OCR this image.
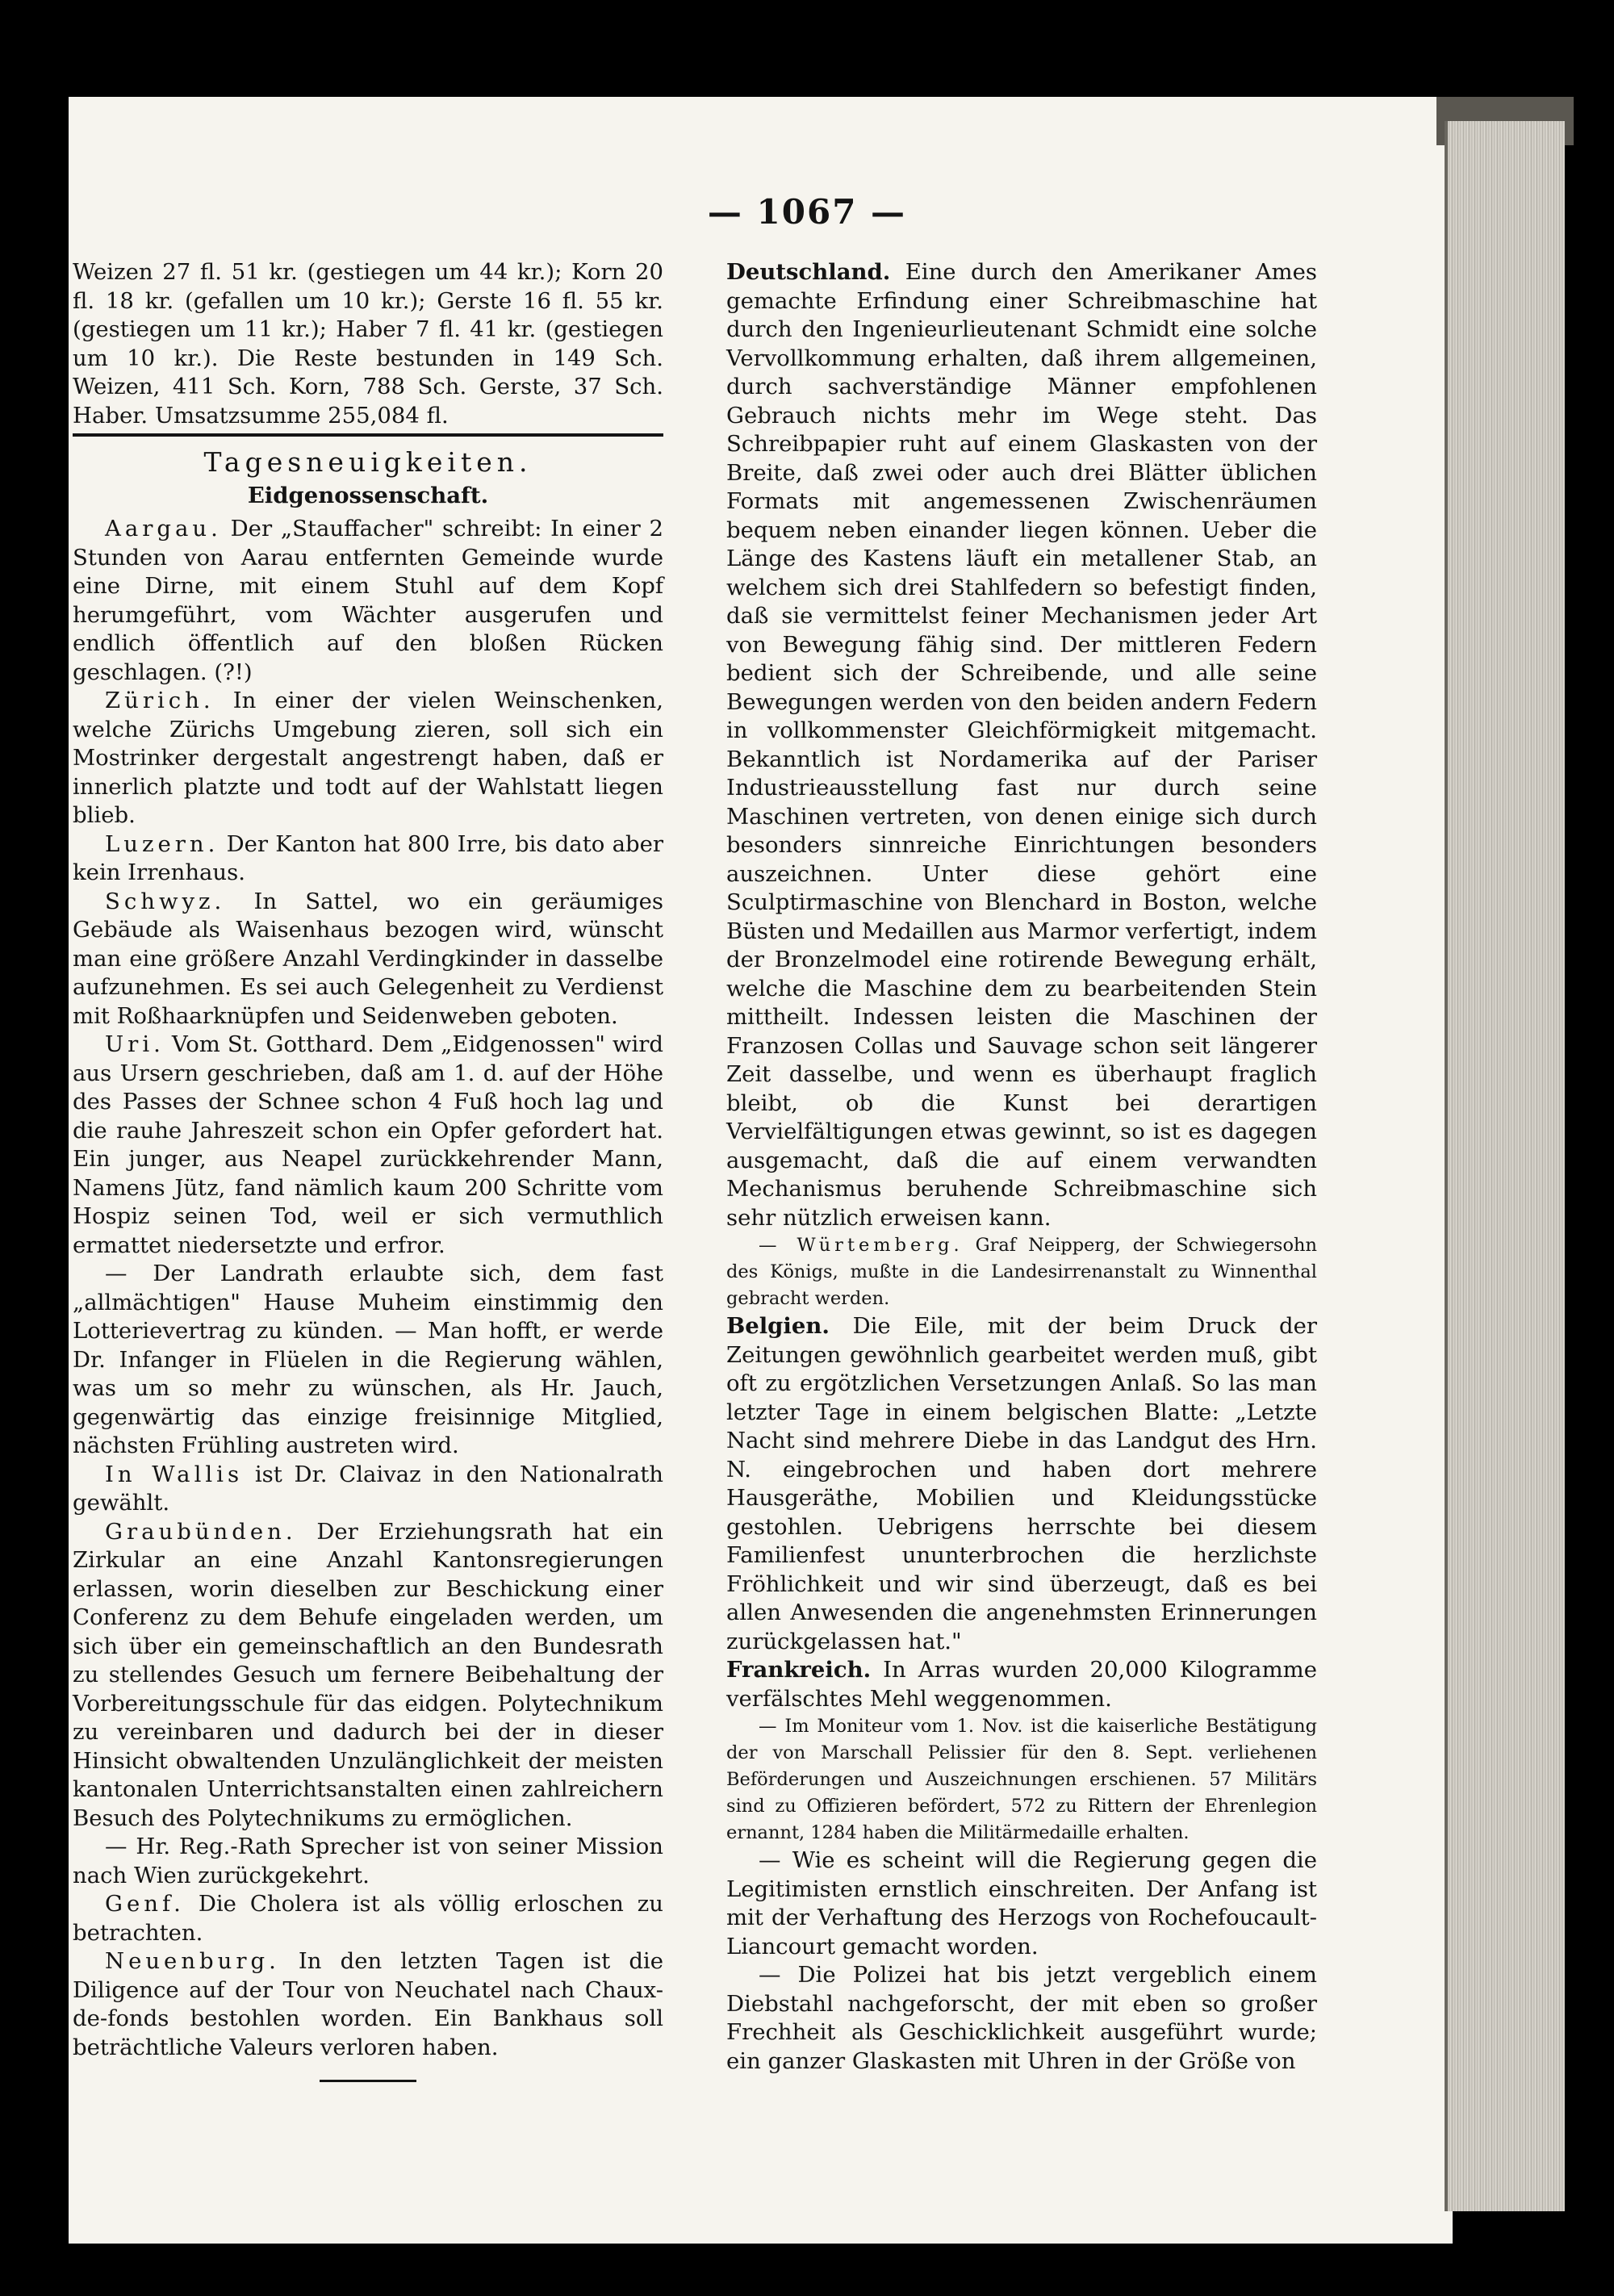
— 1067 —

Weizen 27 fl. 51 kr. (gestiegen um 44 kr.); Korn 20 fl. 18 kr. (gefallen um 10 kr.); Gerste 16 fl. 55 kr. (gestiegen um 11 kr.); Haber 7 fl. 41 kr. (gestiegen um 10 kr.). Die Reste bestunden in 149 Sch. Weizen, 411 Sch. Korn, 788 Sch. Gerste, 37 Sch. Haber. Umsatzsumme 255,084 fl.

Tagesneuigkeiten.
Eidgenossenschaft.

Aargau. Der „Stauffacher" schreibt: In einer 2 Stunden von Aarau entfernten Gemeinde wurde eine Dirne, mit einem Stuhl auf dem Kopf herumgeführt, vom Wächter ausgerufen und endlich öffentlich auf den bloßen Rücken geschlagen. (?!)

Zürich. In einer der vielen Weinschenken, welche Zürichs Umgebung zieren, soll sich ein Mostrinker dergestalt angestrengt haben, daß er innerlich platzte und todt auf der Wahlstatt liegen blieb.

Luzern. Der Kanton hat 800 Irre, bis dato aber kein Irrenhaus.

Schwyz. In Sattel, wo ein geräumiges Gebäude als Waisenhaus bezogen wird, wünscht man eine größere Anzahl Verdingkinder in dasselbe aufzunehmen. Es sei auch Gelegenheit zu Verdienst mit Roßhaarknüpfen und Seidenweben geboten.

Uri. Vom St. Gotthard. Dem „Eidgenossen" wird aus Ursern geschrieben, daß am 1. d. auf der Höhe des Passes der Schnee schon 4 Fuß hoch lag und die rauhe Jahreszeit schon ein Opfer gefordert hat. Ein junger, aus Neapel zurückkehrender Mann, Namens Jütz, fand nämlich kaum 200 Schritte vom Hospiz seinen Tod, weil er sich vermuthlich ermattet niedersetzte und erfror.

— Der Landrath erlaubte sich, dem fast „allmächtigen" Hause Muheim einstimmig den Lotterievertrag zu künden. — Man hofft, er werde Dr. Infanger in Flüelen in die Regierung wählen, was um so mehr zu wünschen, als Hr. Jauch, gegenwärtig das einzige freisinnige Mitglied, nächsten Frühling austreten wird.

In Wallis ist Dr. Claivaz in den Nationalrath gewählt.

Graubünden. Der Erziehungsrath hat ein Zirkular an eine Anzahl Kantonsregierungen erlassen, worin dieselben zur Beschickung einer Conferenz zu dem Behufe eingeladen werden, um sich über ein gemeinschaftlich an den Bundesrath zu stellendes Gesuch um fernere Beibehaltung der Vorbereitungsschule für das eidgen. Polytechnikum zu vereinbaren und dadurch bei der in dieser Hinsicht obwaltenden Unzulänglichkeit der meisten kantonalen Unterrichtsanstalten einen zahlreichern Besuch des Polytechnikums zu ermöglichen.

— Hr. Reg.-Rath Sprecher ist von seiner Mission nach Wien zurückgekehrt.

Genf. Die Cholera ist als völlig erloschen zu betrachten.

Neuenburg. In den letzten Tagen ist die Diligence auf der Tour von Neuchatel nach Chaux-de-fonds bestohlen worden. Ein Bankhaus soll beträchtliche Valeurs verloren haben.

Deutschland. Eine durch den Amerikaner Ames gemachte Erfindung einer Schreibmaschine hat durch den Ingenieurlieutenant Schmidt eine solche Vervollkommung erhalten, daß ihrem allgemeinen, durch sachverständige Männer empfohlenen Gebrauch nichts mehr im Wege steht. Das Schreibpapier ruht auf einem Glaskasten von der Breite, daß zwei oder auch drei Blätter üblichen Formats mit angemessenen Zwischenräumen bequem neben einander liegen können. Ueber die Länge des Kastens läuft ein metallener Stab, an welchem sich drei Stahlfedern so befestigt finden, daß sie vermittelst feiner Mechanismen jeder Art von Bewegung fähig sind. Der mittleren Federn bedient sich der Schreibende, und alle seine Bewegungen werden von den beiden andern Federn in vollkommenster Gleichförmigkeit mitgemacht. Bekanntlich ist Nordamerika auf der Pariser Industrieausstellung fast nur durch seine Maschinen vertreten, von denen einige sich durch besonders sinnreiche Einrichtungen besonders auszeichnen. Unter diese gehört eine Sculptirmaschine von Blenchard in Boston, welche Büsten und Medaillen aus Marmor verfertigt, indem der Bronzelmodel eine rotirende Bewegung erhält, welche die Maschine dem zu bearbeitenden Stein mittheilt. Indessen leisten die Maschinen der Franzosen Collas und Sauvage schon seit längerer Zeit dasselbe, und wenn es überhaupt fraglich bleibt, ob die Kunst bei derartigen Vervielfältigungen etwas gewinnt, so ist es dagegen ausgemacht, daß die auf einem verwandten Mechanismus beruhende Schreibmaschine sich sehr nützlich erweisen kann.

— Würtemberg. Graf Neipperg, der Schwiegersohn des Königs, mußte in die Landesirrenanstalt zu Winnenthal gebracht werden.

Belgien. Die Eile, mit der beim Druck der Zeitungen gewöhnlich gearbeitet werden muß, gibt oft zu ergötzlichen Versetzungen Anlaß. So las man letzter Tage in einem belgischen Blatte: „Letzte Nacht sind mehrere Diebe in das Landgut des Hrn. N. eingebrochen und haben dort mehrere Hausgeräthe, Mobilien und Kleidungsstücke gestohlen. Uebrigens herrschte bei diesem Familienfest ununterbrochen die herzlichste Fröhlichkeit und wir sind überzeugt, daß es bei allen Anwesenden die angenehmsten Erinnerungen zurückgelassen hat."

Frankreich. In Arras wurden 20,000 Kilogramme verfälschtes Mehl weggenommen.

— Im Moniteur vom 1. Nov. ist die kaiserliche Bestätigung der von Marschall Pelissier für den 8. Sept. verliehenen Beförderungen und Auszeichnungen erschienen. 57 Militärs sind zu Offizieren befördert, 572 zu Rittern der Ehrenlegion ernannt, 1284 haben die Militärmedaille erhalten.

— Wie es scheint will die Regierung gegen die Legitimisten ernstlich einschreiten. Der Anfang ist mit der Verhaftung des Herzogs von Rochefoucault-Liancourt gemacht worden.

— Die Polizei hat bis jetzt vergeblich einem Diebstahl nachgeforscht, der mit eben so großer Frechheit als Geschicklichkeit ausgeführt wurde; ein ganzer Glaskasten mit Uhren in der Größe von
